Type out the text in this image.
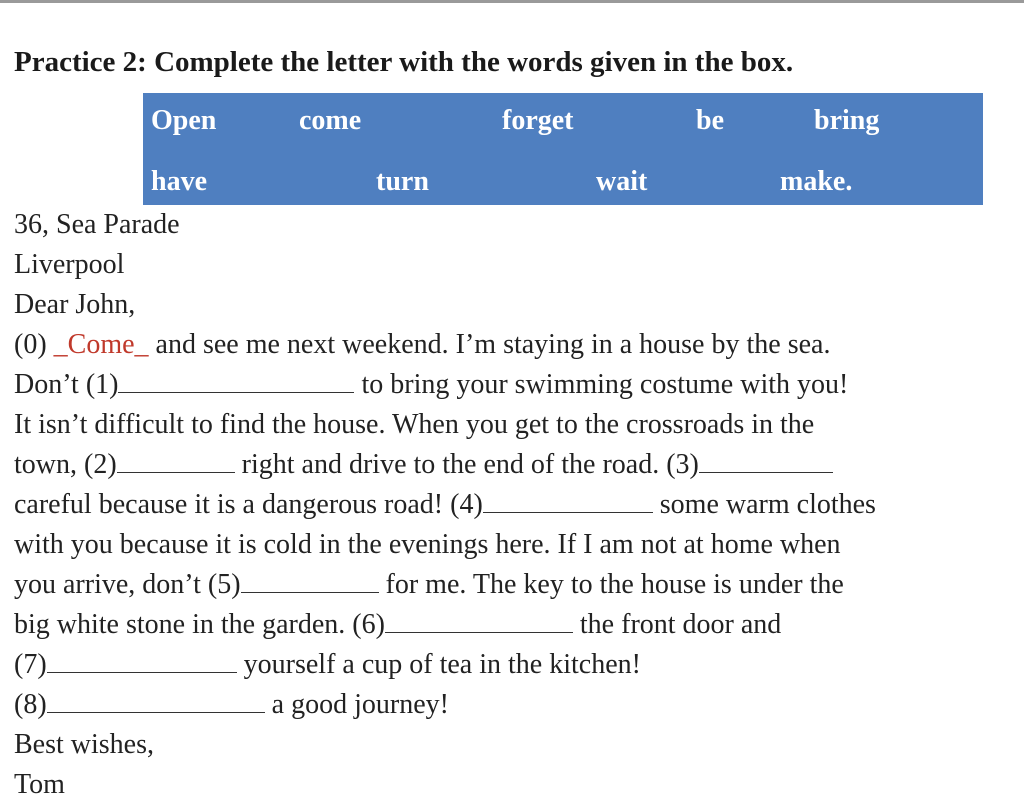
Practice 2: Complete the letter with the words given in the box.
Open	come	forget	be	bring
have	turn	wait	make.
36, Sea Parade
Liverpool
Dear John,
(0) _Come_ and see me next weekend. I’m staying in a house by the sea.
Don’t (1)	to bring your swimming costume with you!
It isn’t difficult to find the house. When you get to the crossroads in the
town, (2)	right and drive to the end of the road. (3)
careful because it is a dangerous road! (4)	some warm clothes
with you because it is cold in the evenings here. If I am not at home when
you arrive, don’t (5)	for me. The key to the house is under the
big white stone in the garden. (6)	the front door and
(7)	yourself a cup of tea in the kitchen!
(8)	a good journey!
Best wishes,
Tom
